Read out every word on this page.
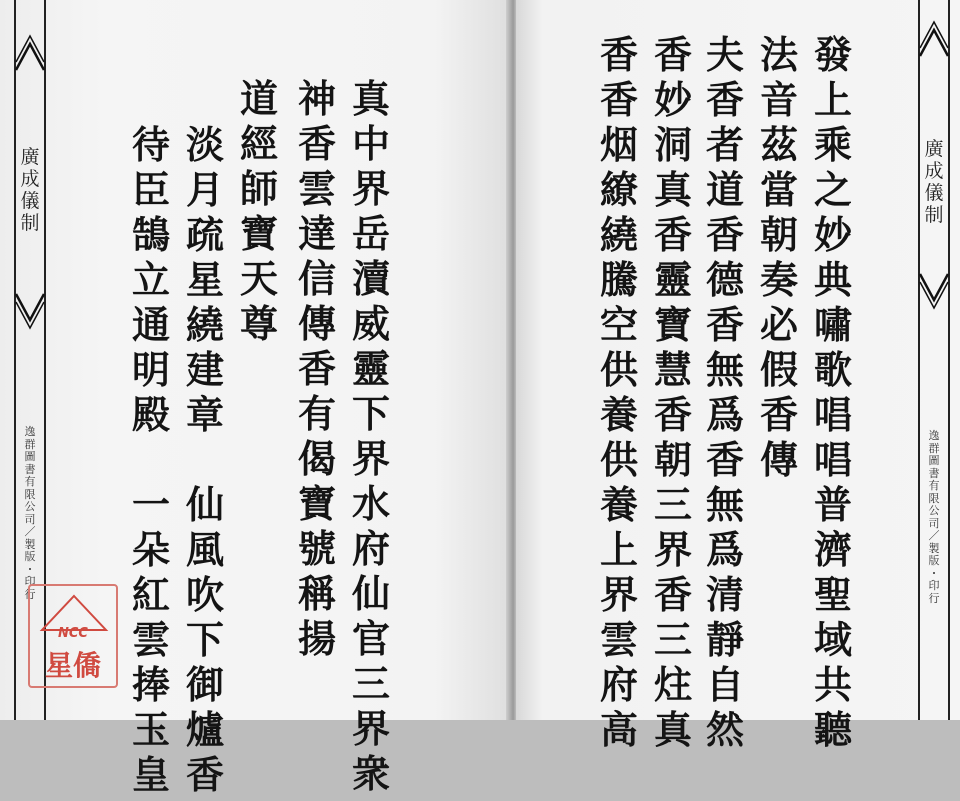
廣
成
儀
制
逸
群
圖
書
有
限
公
司
／
製
版
・
印
行
真
中
界
岳
瀆
威
靈
下
界
水
府
仙
官
三
界
衆
神
香
雲
達
信
傳
香
有
偈
寶
號
稱
揚
道
經
師
寶
天
尊
淡
月
疏
星
繞
建
章

仙
風
吹
下
御
爐
香
待
臣
鵠
立
通
明
殿

一
朵
紅
雲
捧
玉
皇
NCC
星僑
發
上
乘
之
妙
典
嘯
歌
唱
唱
普
濟
聖
域
共
聽
法
音
茲
當
朝
奏
必
假
香
傳
夫
香
者
道
香
德
香
無
爲
香
無
爲
清
靜
自
然
香
妙
洞
真
香
靈
寶
慧
香
朝
三
界
香
三
炷
真
香
香
烟
繚
繞
騰
空
供
養
供
養
上
界
雲
府
高
廣
成
儀
制
逸
群
圖
書
有
限
公
司
／
製
版
・
印
行
